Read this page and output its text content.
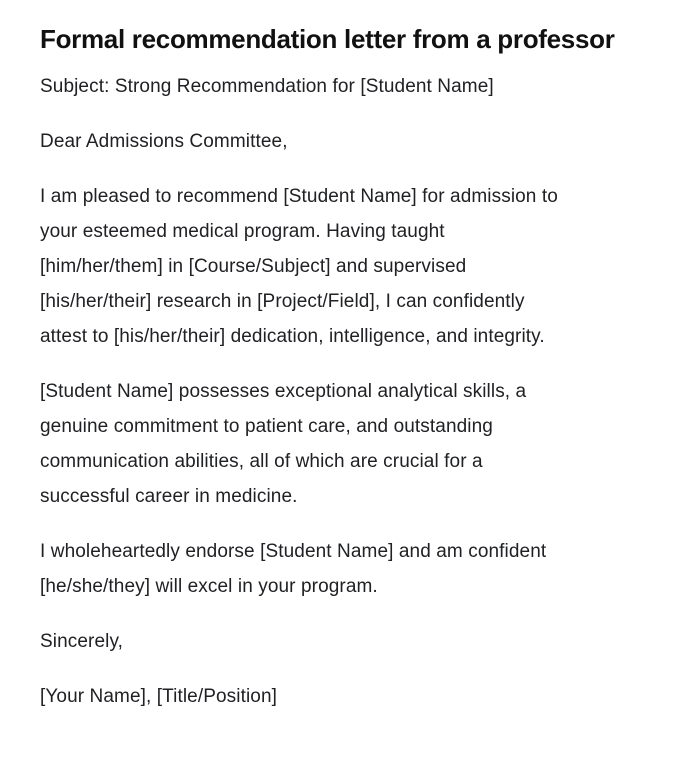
Formal recommendation letter from a professor
Subject: Strong Recommendation for [Student Name]
Dear Admissions Committee,
I am pleased to recommend [Student Name] for admission to
your esteemed medical program. Having taught
[him/her/them] in [Course/Subject] and supervised
[his/her/their] research in [Project/Field], I can confidently
attest to [his/her/their] dedication, intelligence, and integrity.
[Student Name] possesses exceptional analytical skills, a
genuine commitment to patient care, and outstanding
communication abilities, all of which are crucial for a
successful career in medicine.
I wholeheartedly endorse [Student Name] and am confident
[he/she/they] will excel in your program.
Sincerely,
[Your Name], [Title/Position]
